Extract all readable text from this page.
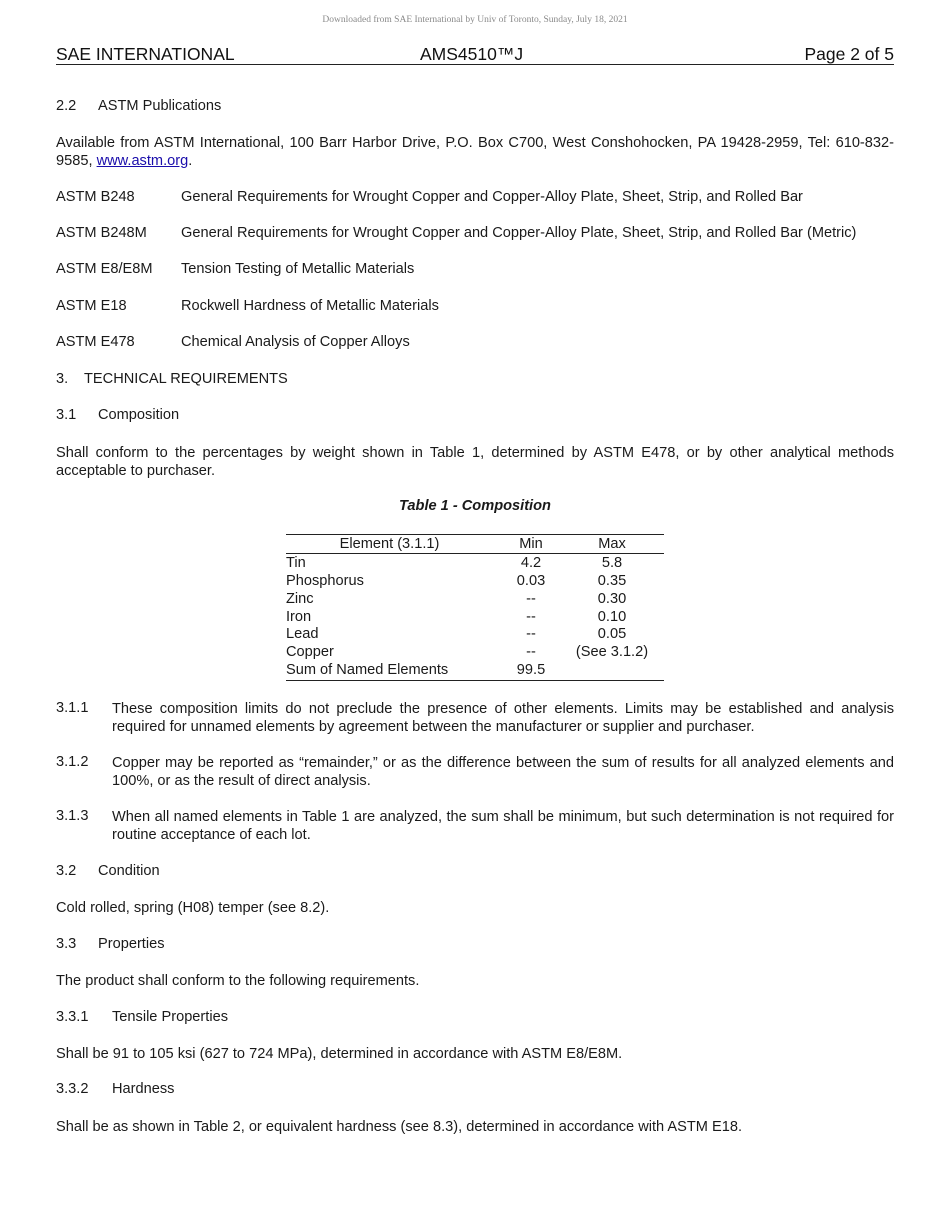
Downloaded from SAE International by Univ of Toronto, Sunday, July 18, 2021
SAE INTERNATIONAL	AMS4510™J	Page 2 of 5
2.2 ASTM Publications
Available from ASTM International, 100 Barr Harbor Drive, P.O. Box C700, West Conshohocken, PA 19428-2959, Tel: 610-832-9585, www.astm.org.
ASTM B248	General Requirements for Wrought Copper and Copper-Alloy Plate, Sheet, Strip, and Rolled Bar
ASTM B248M General Requirements for Wrought Copper and Copper-Alloy Plate, Sheet, Strip, and Rolled Bar (Metric)
ASTM E8/E8M Tension Testing of Metallic Materials
ASTM E18	Rockwell Hardness of Metallic Materials
ASTM E478	Chemical Analysis of Copper Alloys
3. TECHNICAL REQUIREMENTS
3.1 Composition
Shall conform to the percentages by weight shown in Table 1, determined by ASTM E478, or by other analytical methods acceptable to purchaser.
Table 1 - Composition
Element (3.1.1)	Min	Max
Tin	4.2	5.8
Phosphorus	0.03	0.35
Zinc	--	0.30
Iron	--	0.10
Lead	--	0.05
Copper	--	(See 3.1.2)
Sum of Named Elements	99.5
3.1.1 These composition limits do not preclude the presence of other elements. Limits may be established and analysis required for unnamed elements by agreement between the manufacturer or supplier and purchaser.
3.1.2 Copper may be reported as “remainder,” or as the difference between the sum of results for all analyzed elements and 100%, or as the result of direct analysis.
3.1.3 When all named elements in Table 1 are analyzed, the sum shall be minimum, but such determination is not required for routine acceptance of each lot.
3.2 Condition
Cold rolled, spring (H08) temper (see 8.2).
3.3 Properties
The product shall conform to the following requirements.
3.3.1 Tensile Properties
Shall be 91 to 105 ksi (627 to 724 MPa), determined in accordance with ASTM E8/E8M.
3.3.2 Hardness
Shall be as shown in Table 2, or equivalent hardness (see 8.3), determined in accordance with ASTM E18.
